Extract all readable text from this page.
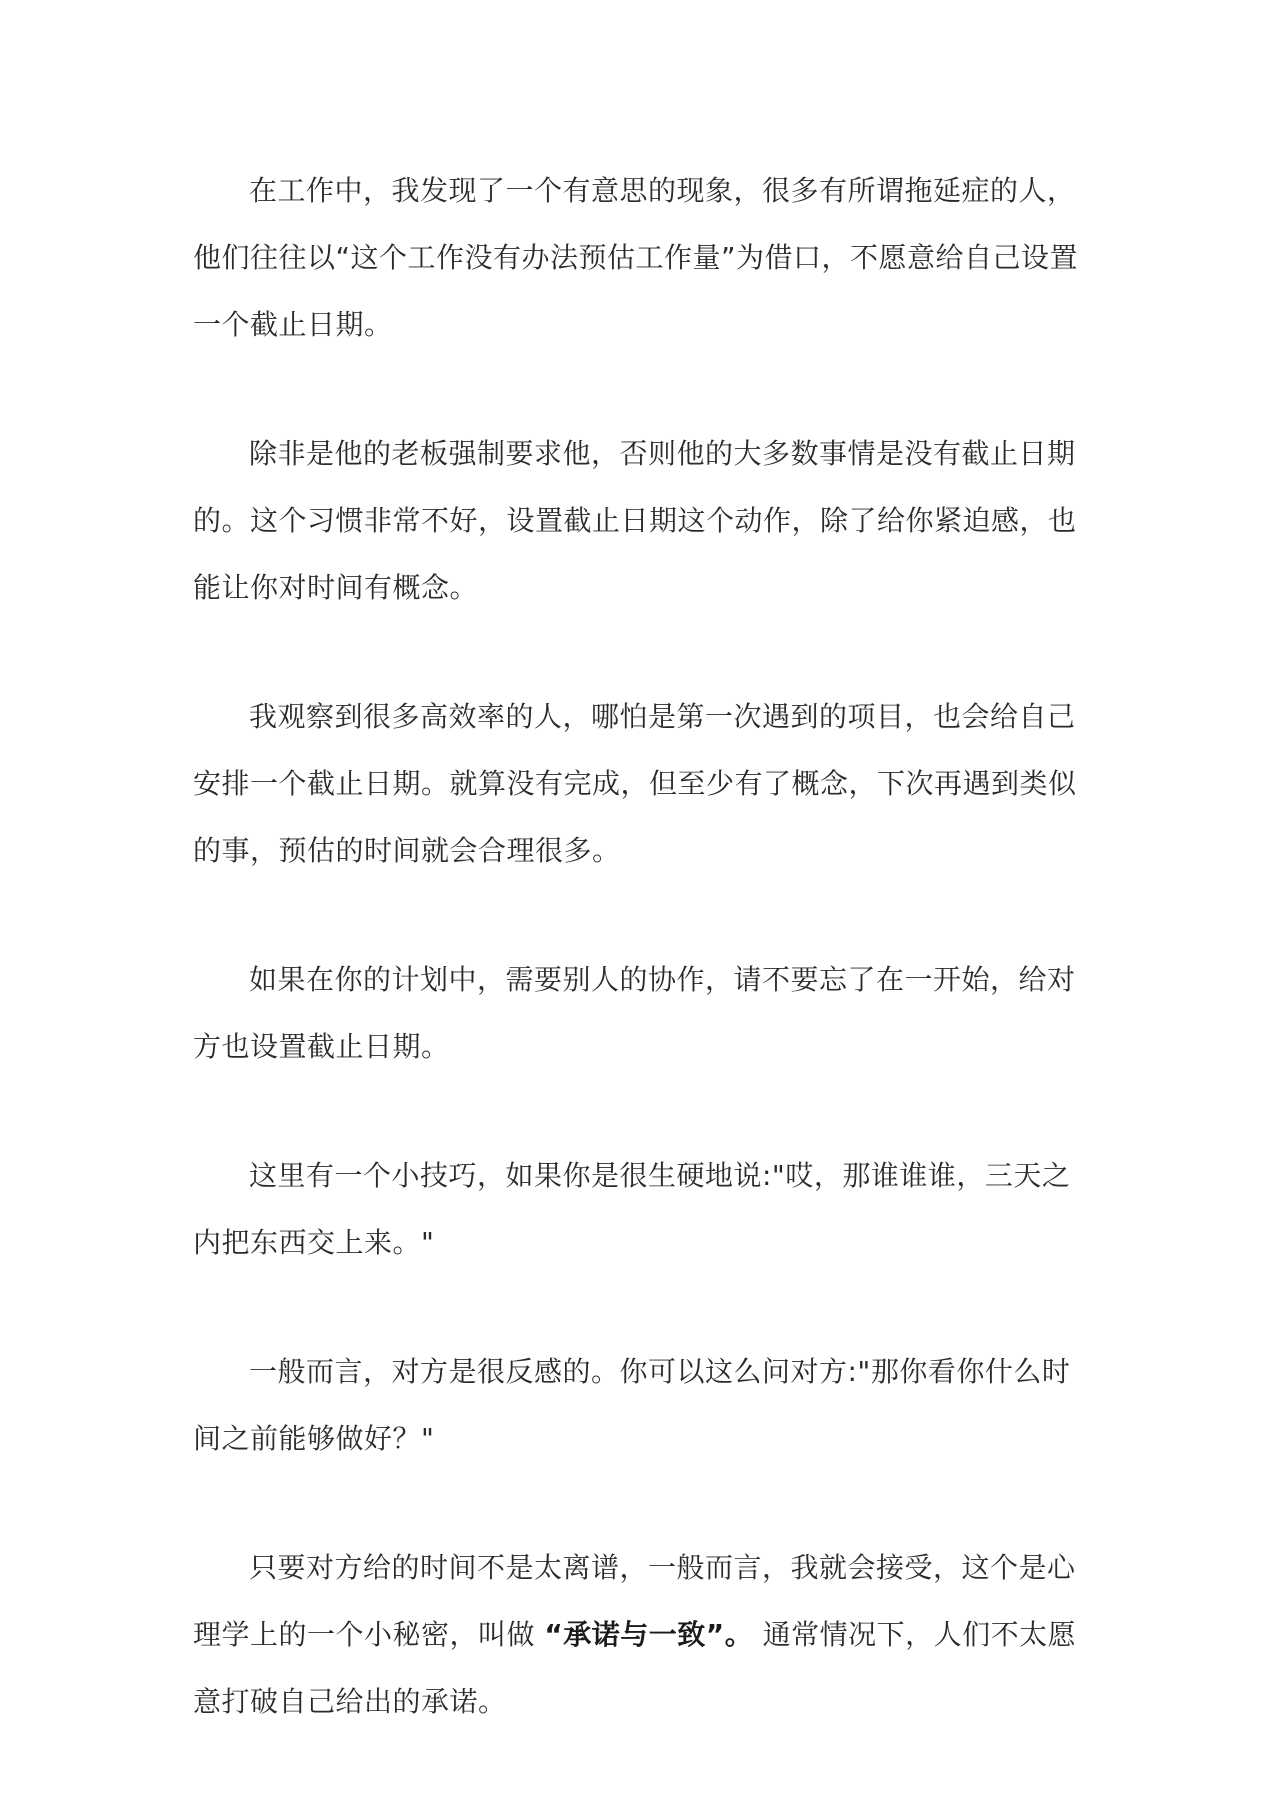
在工作中，我发现了一个有意思的现象，很多有所谓拖延症的人，他们往往以“这个工作没有办法预估工作量”为借口，不愿意给自己设置一个截止日期。

除非是他的老板强制要求他，否则他的大多数事情是没有截止日期的。这个习惯非常不好，设置截止日期这个动作，除了给你紧迫感，也能让你对时间有概念。

我观察到很多高效率的人，哪怕是第一次遇到的项目，也会给自己安排一个截止日期。就算没有完成，但至少有了概念，下次再遇到类似的事，预估的时间就会合理很多。

如果在你的计划中，需要别人的协作，请不要忘了在一开始，给对方也设置截止日期。

这里有一个小技巧，如果你是很生硬地说:"哎，那谁谁谁，三天之内把东西交上来。"

一般而言，对方是很反感的。你可以这么问对方:"那你看你什么时间之前能够做好？"

只要对方给的时间不是太离谱，一般而言，我就会接受，这个是心理学上的一个小秘密，叫做 “承诺与一致”。 通常情况下，人们不太愿意打破自己给出的承诺。
